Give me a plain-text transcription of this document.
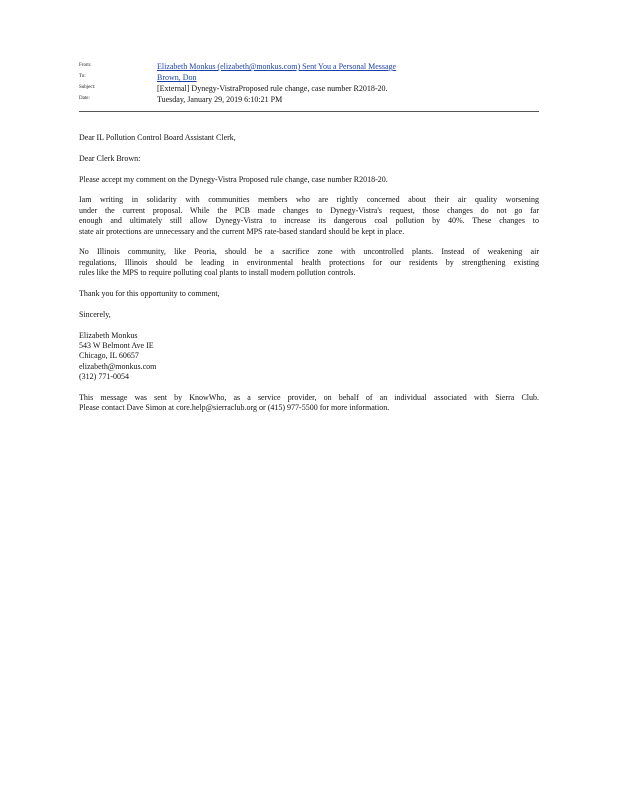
From:	Elizabeth Monkus (elizabeth@monkus.com) Sent You a Personal Message
To:	Brown, Don
Subject:	[External] Dynegy-VistraProposed rule change, case number R2018-20.
Date:	Tuesday, January 29, 2019 6:10:21 PM

Dear IL Pollution Control Board Assistant Clerk,

Dear Clerk Brown:

Please accept my comment on the Dynegy-Vistra Proposed rule change, case number R2018-20.

Iam writing in solidarity with communities members who are rightly concerned about their air quality worsening
under the current proposal. While the PCB made changes to Dynegy-Vistra's request, those changes do not go far
enough and ultimately still allow Dynegy-Vistra to increase its dangerous coal pollution by 40%. These changes to
state air protections are unnecessary and the current MPS rate-based standard should be kept in place.
No Illinois community, like Peoria, should be a sacrifice zone with uncontrolled plants. Instead of weakening air
regulations, Illinois should be leading in environmental health protections for our residents by strengthening existing
rules like the MPS to require polluting coal plants to install modern pollution controls.

Thank you for this opportunity to comment,

Sincerely,

Elizabeth Monkus
543 W Belmont Ave IE
Chicago, IL 60657
elizabeth@monkus.com
(312) 771-0054
This message was sent by KnowWho, as a service provider, on behalf of an individual associated with Sierra Club.
Please contact Dave Simon at core.help@sierraclub.org or (415) 977-5500 for more information.
